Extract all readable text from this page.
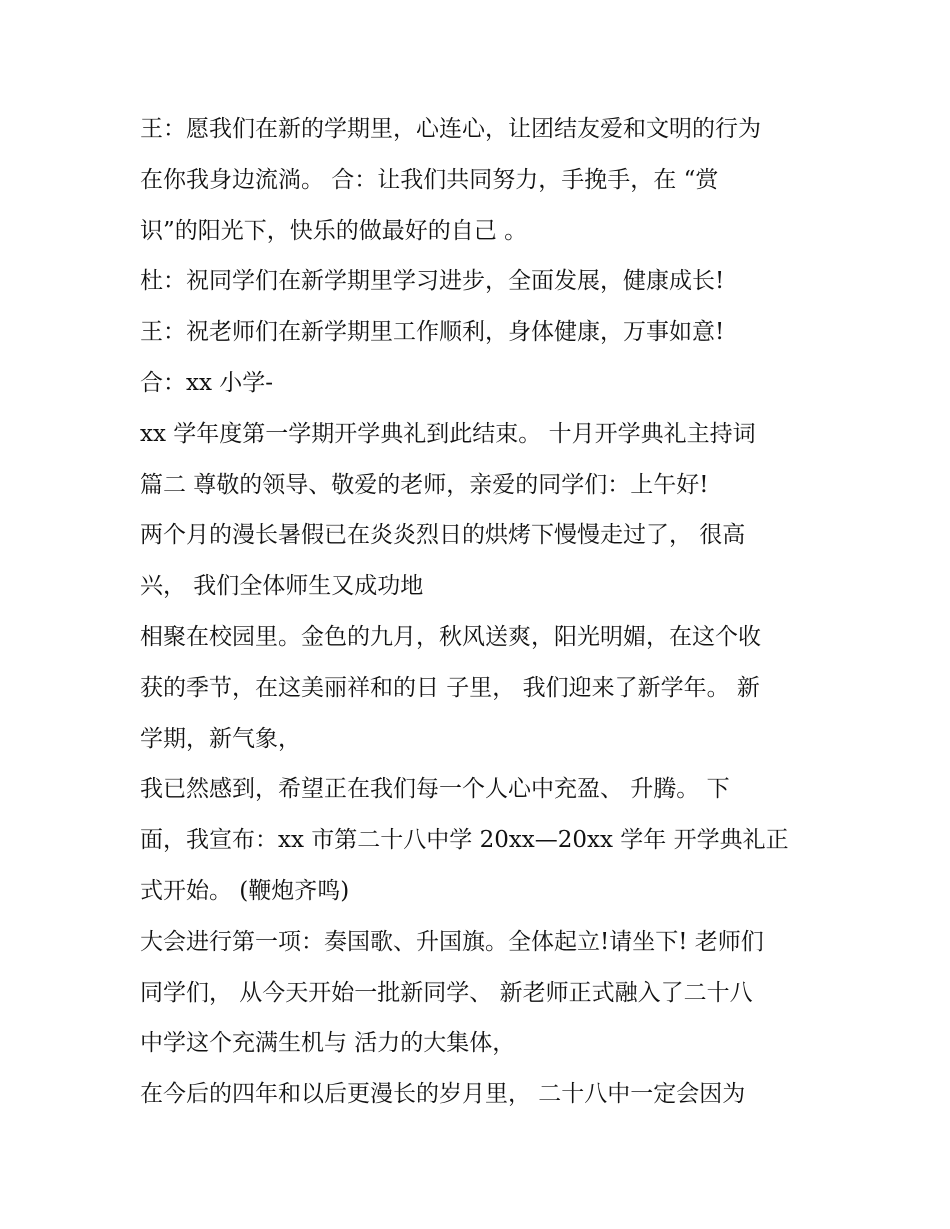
王：愿我们在新的学期里，心连心，让团结友爱和文明的行为
在你我身边流淌。 合：让我们共同努力，手挽手，在 “赏
识”的阳光下，快乐的做最好的自己 。
杜：祝同学们在新学期里学习进步，全面发展，健康成长!
王：祝老师们在新学期里工作顺利，身体健康，万事如意!
合：xx 小学-
xx 学年度第一学期开学典礼到此结束。 十月开学典礼主持词
篇二 尊敬的领导、敬爱的老师，亲爱的同学们：上午好!
两个月的漫长暑假已在炎炎烈日的烘烤下慢慢走过了， 很高
兴， 我们全体师生又成功地
相聚在校园里。金色的九月，秋风送爽，阳光明媚，在这个收
获的季节，在这美丽祥和的日 子里， 我们迎来了新学年。 新
学期，新气象，
我已然感到，希望正在我们每一个人心中充盈、 升腾。 下
面，我宣布：xx 市第二十八中学 20xx—20xx 学年 开学典礼正
式开始。 (鞭炮齐鸣)
大会进行第一项：奏国歌、升国旗。全体起立!请坐下! 老师们
同学们， 从今天开始一批新同学、 新老师正式融入了二十八
中学这个充满生机与 活力的大集体，
在今后的四年和以后更漫长的岁月里， 二十八中一定会因为
